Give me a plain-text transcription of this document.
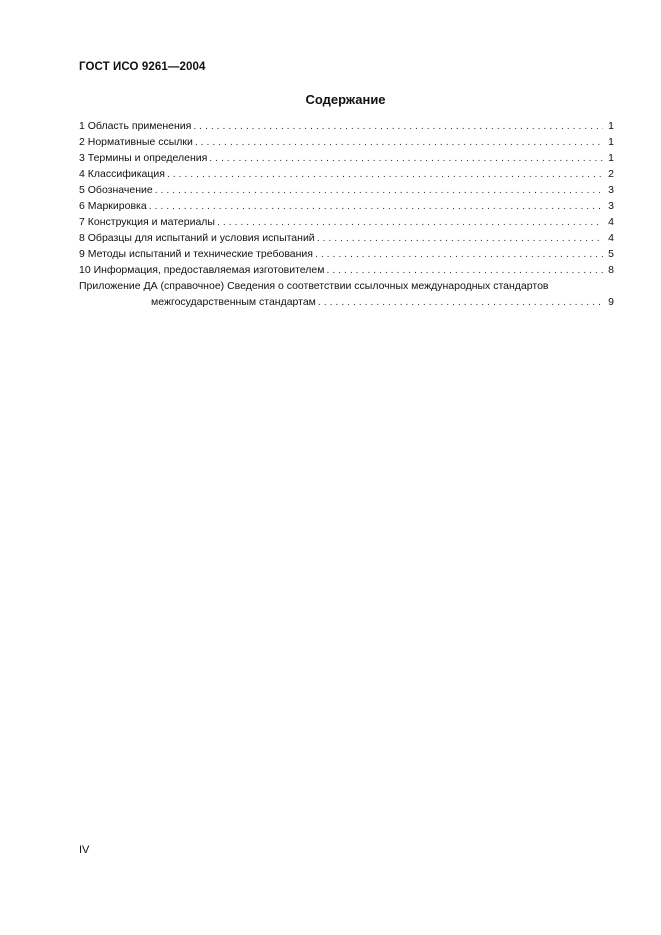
ГОСТ ИСО 9261—2004
Содержание
1 Область применения . . .	1
2 Нормативные ссылки . . .	1
3 Термины и определения . . .	1
4 Классификация . . .	2
5 Обозначение . . .	3
6 Маркировка . . .	3
7 Конструкция и материалы . . .	4
8 Образцы для испытаний и условия испытаний . . .	4
9 Методы испытаний и технические требования . . .	5
10 Информация, предоставляемая изготовителем . . .	8
Приложение ДА (справочное) Сведения о соответствии ссылочных международных стандартов
межгосударственным стандартам . . .	9
IV
